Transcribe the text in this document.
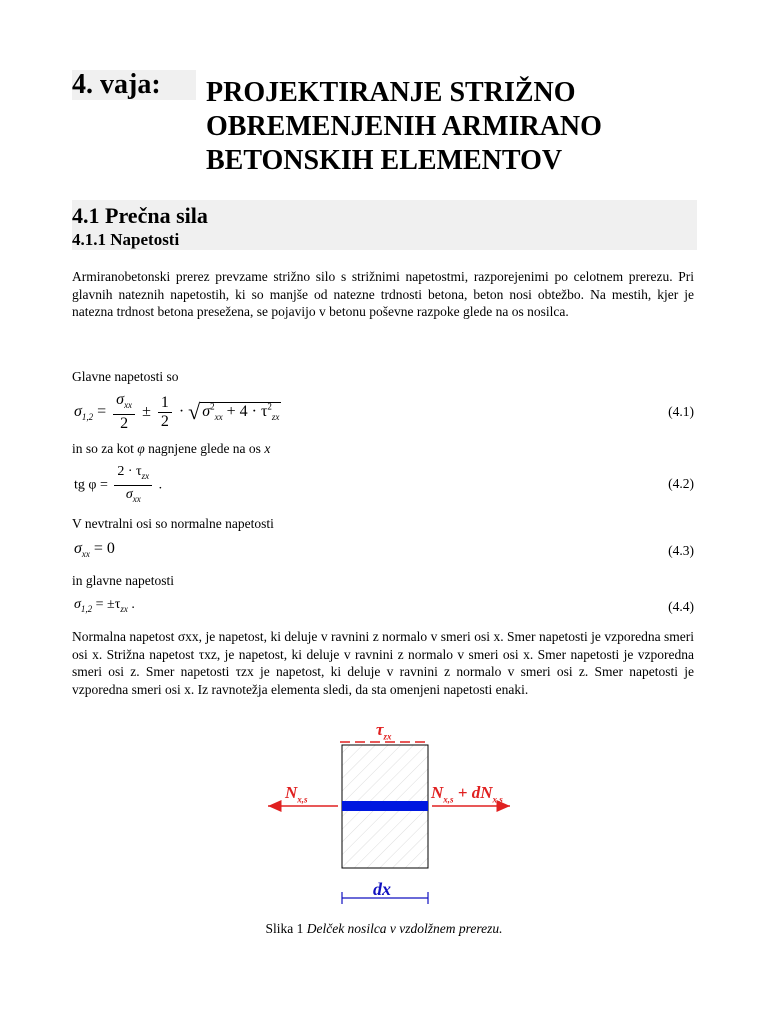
4. vaja:	PROJEKTIRANJE STRIŽNO
OBREMENJENIH ARMIRANO
BETONSKIH ELEMENTOV
4.1 Prečna sila
4.1.1 Napetosti
Armiranobetonski prerez prevzame strižno silo s strižnimi napetostmi, razporejenimi po celotnem prerezu. Pri glavnih nateznih napetostih, ki so manjše od natezne trdnosti betona, beton nosi obtežbo. Na mestih, kjer je natezna trdnost betona presežena, se pojavijo v betonu poševne razpoke glede na os nosilca.
Glavne napetosti so
$\sigma_{1,2} = \frac{\sigma_{xx}}{2} \pm \frac{1}{2}$ · √ $\sigma^2_{xx} + 4 \cdot \tau^2_{zx}$	(4.1)
in so za kot φ nagnjene glede na os x
tg $\varphi = \frac{2 \cdot \tau_{zx}}{\sigma_{xx}}$ .	(4.2)
V nevtralni osi so normalne napetosti
$\sigma_{xx} = 0$	(4.3)
in glavne napetosti
$\sigma_{1,2} = \pm\tau_{zx}$ .	(4.4)
Normalna napetost σxx, je napetost, ki deluje v ravnini z normalo v smeri osi x. Smer napetosti je vzporedna smeri osi x. Strižna napetost τxz, je napetost, ki deluje v ravnini z normalo v smeri osi x. Smer napetosti je vzporedna smeri osi z. Smer napetosti τzx je napetost, ki deluje v ravnini z normalo v smeri osi z. Smer napetosti je vzporedna smeri osi x. Iz ravnotežja elementa sledi, da sta omenjeni napetosti enaki.
$\tau_{zx}$
$N_{x,s}$	$N_{x,s} + dN_{x,s}$
dx
Slika 1 Delček nosilca v vzdolžnem prerezu.
